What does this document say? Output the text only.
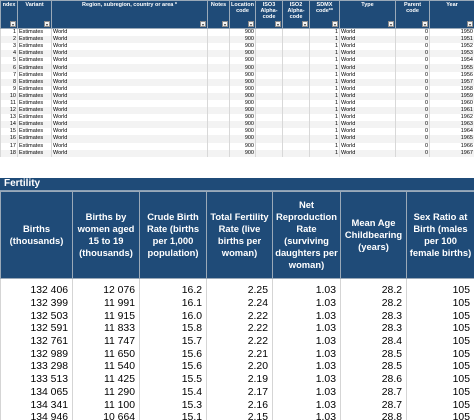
ndex	Variant	Region, subregion, country or area *	Notes	Location code	ISO3 Alpha-code	ISO2 Alpha-code	SDMX code**	Type	Parent code	Year

1	Estimates	World		900			1	World	0	1950
2	Estimates	World		900			1	World	0	1951
3	Estimates	World		900			1	World	0	1952
4	Estimates	World		900			1	World	0	1953
5	Estimates	World		900			1	World	0	1954
6	Estimates	World		900			1	World	0	1955
7	Estimates	World		900			1	World	0	1956
8	Estimates	World		900			1	World	0	1957
9	Estimates	World		900			1	World	0	1958
10	Estimates	World		900			1	World	0	1959
11	Estimates	World		900			1	World	0	1960
12	Estimates	World		900			1	World	0	1961
13	Estimates	World		900			1	World	0	1962
14	Estimates	World		900			1	World	0	1963
15	Estimates	World		900			1	World	0	1964
16	Estimates	World		900			1	World	0	1965
17	Estimates	World		900			1	World	0	1966
18	Estimates	World		900			1	World	0	1967
Fertility
Births (thousands)	Births by women aged 15 to 19 (thousands)	Crude Birth Rate (births per 1,000 population)	Total Fertility Rate (live births per woman)	Net Reproduction Rate (surviving daughters per woman)	Mean Age Childbearing (years)	Sex Ratio at Birth (males per 100 female births)

132 406	12 076	16.2	2.25	1.03	28.2	105
132 399	11 991	16.1	2.24	1.03	28.2	105
132 503	11 915	16.0	2.22	1.03	28.3	105
132 591	11 833	15.8	2.22	1.03	28.3	105
132 761	11 747	15.7	2.22	1.03	28.4	105
132 989	11 650	15.6	2.21	1.03	28.5	105
133 298	11 540	15.6	2.20	1.03	28.5	105
133 513	11 425	15.5	2.19	1.03	28.6	105
134 065	11 290	15.4	2.17	1.03	28.7	105
134 341	11 100	15.3	2.16	1.03	28.7	105
134 946	10 664	15.1	2.15	1.03	28.8	105
